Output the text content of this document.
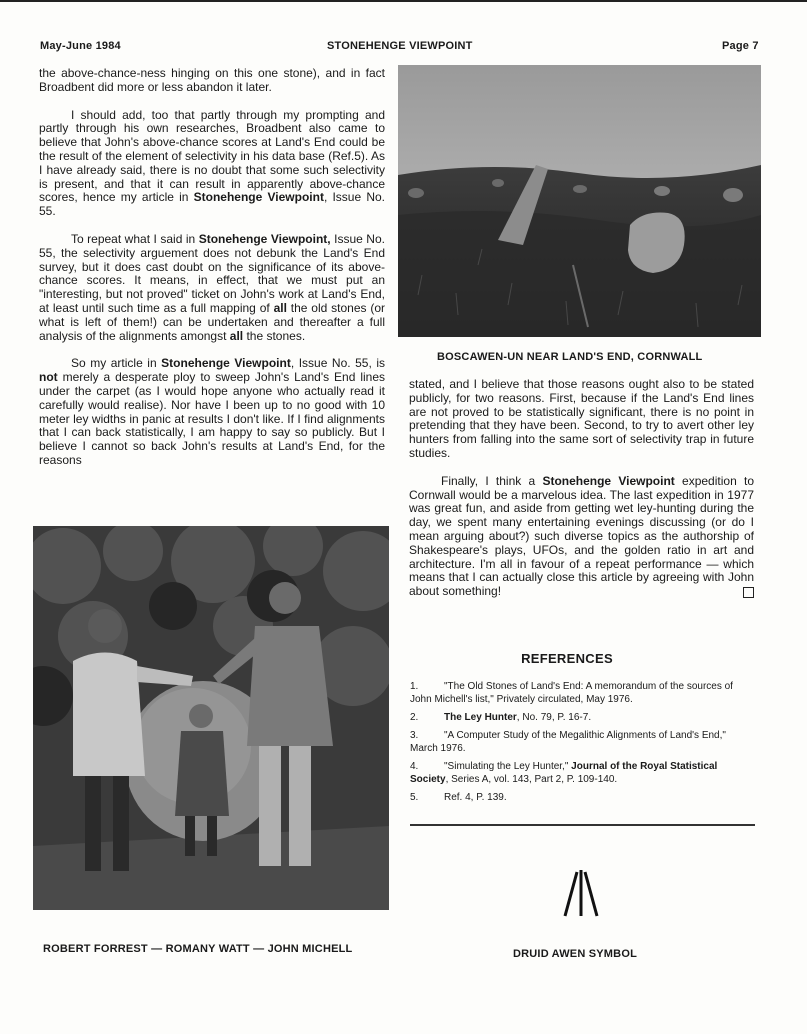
May-June 1984	STONEHENGE VIEWPOINT	Page 7

the above-chance-ness hinging on this one stone), and in fact Broadbent did more or less abandon it later.

I should add, too that partly through my prompting and partly through his own researches, Broadbent also came to believe that John's above-chance scores at Land's End could be the result of the element of selectivity in his data base (Ref.5). As I have already said, there is no doubt that some such selectivity is present, and that it can result in apparently above-chance scores, hence my article in Stonehenge Viewpoint, Issue No. 55.

To repeat what I said in Stonehenge Viewpoint, Issue No. 55, the selectivity arguement does not debunk the Land's End survey, but it does cast doubt on the significance of its above-chance scores. It means, in effect, that we must put an "interesting, but not proved" ticket on John's work at Land's End, at least until such time as a full mapping of all the old stones (or what is left of them!) can be undertaken and thereafter a full analysis of the alignments amongst all the stones.

So my article in Stonehenge Viewpoint, Issue No. 55, is not merely a desperate ploy to sweep John's Land's End lines under the carpet (as I would hope anyone who actually read it carefully would realise). Nor have I been up to no good with 10 meter ley widths in panic at results I don't like. If I find alignments that I can back statistically, I am happy to say so publicly. But I believe I cannot so back John's results at Land's End, for the reasons

BOSCAWEN-UN NEAR LAND'S END, CORNWALL

stated, and I believe that those reasons ought also to be stated publicly, for two reasons. First, because if the Land's End lines are not proved to be statistically significant, there is no point in pretending that they have been. Second, to try to avert other ley hunters from falling into the same sort of selectivity trap in future studies.

Finally, I think a Stonehenge Viewpoint expedition to Cornwall would be a marvelous idea. The last expedition in 1977 was great fun, and aside from getting wet ley-hunting during the day, we spent many entertaining evenings discussing (or do I mean arguing about?) such diverse topics as the authorship of Shakespeare's plays, UFOs, and the golden ratio in art and architecture. I'm all in favour of a repeat performance — which means that I can actually close this article by agreeing with John about something!

ROBERT FORREST — ROMANY WATT — JOHN MICHELL
REFERENCES
1.	"The Old Stones of Land's End: A memorandum of the sources of John Michell's list," Privately circulated, May 1976.
2.	The Ley Hunter, No. 79, P. 16-7.
3.	"A Computer Study of the Megalithic Alignments of Land's End," March 1976.
4.	"Simulating the Ley Hunter," Journal of the Royal Statistical Society, Series A, vol. 143, Part 2, P. 109-140.
5.	Ref. 4, P. 139.
DRUID AWEN SYMBOL
